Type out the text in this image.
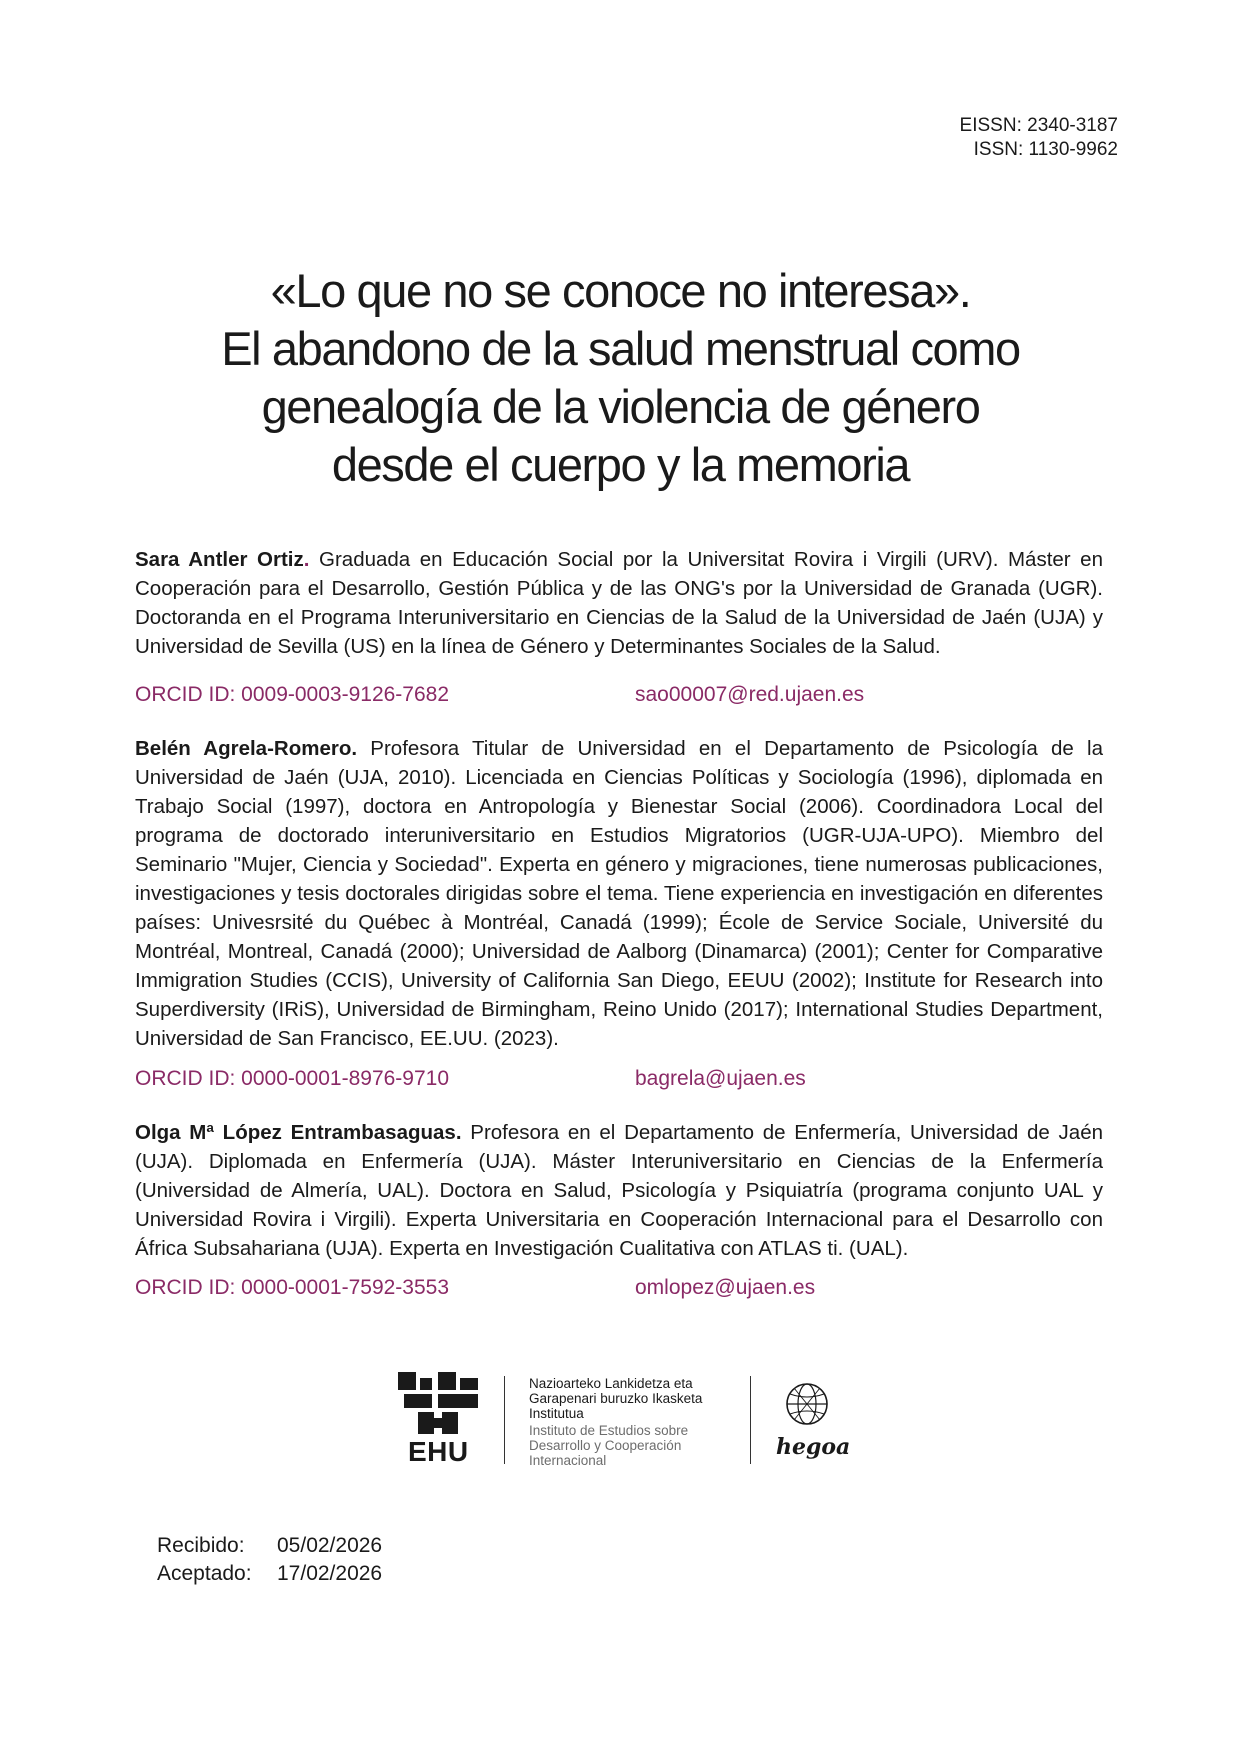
EISSN: 2340-3187
ISSN: 1130-9962
«Lo que no se conoce no interesa».
El abandono de la salud menstrual como
genealogía de la violencia de género
desde el cuerpo y la memoria

Sara Antler Ortiz. Graduada en Educación Social por la Universitat Rovira i Virgili (URV). Máster en Cooperación para el Desarrollo, Gestión Pública y de las ONG's por la Universidad de Granada (UGR). Doctoranda en el Programa Interuniversitario en Ciencias de la Salud de la Universidad de Jaén (UJA) y Universidad de Sevilla (US) en la línea de Género y Determinantes Sociales de la Salud.

ORCID ID: 0009-0003-9126-7682	sao00007@red.ujaen.es

Belén Agrela-Romero. Profesora Titular de Universidad en el Departamento de Psicología de la Universidad de Jaén (UJA, 2010). Licenciada en Ciencias Políticas y Sociología (1996), diplomada en Trabajo Social (1997), doctora en Antropología y Bienestar Social (2006). Coordinadora Local del programa de doctorado interuniversitario en Estudios Migratorios (UGR-UJA-UPO). Miembro del Seminario "Mujer, Ciencia y Sociedad". Experta en género y migraciones, tiene numerosas publicaciones, investigaciones y tesis doctorales dirigidas sobre el tema. Tiene experiencia en investigación en diferentes países: Univesrsité du Québec à Montréal, Canadá (1999); École de Service Sociale, Université du Montréal, Montreal, Canadá (2000); Universidad de Aalborg (Dinamarca) (2001); Center for Comparative Immigration Studies (CCIS), University of California San Diego, EEUU (2002); Institute for Research into Superdiversity (IRiS), Universidad de Birmingham, Reino Unido (2017); International Studies Department, Universidad de San Francisco, EE.UU. (2023).

ORCID ID: 0000-0001-8976-9710	bagrela@ujaen.es

Olga Mª López Entrambasaguas. Profesora en el Departamento de Enfermería, Universidad de Jaén (UJA). Diplomada en Enfermería (UJA). Máster Interuniversitario en Ciencias de la Enfermería (Universidad de Almería, UAL). Doctora en Salud, Psicología y Psiquiatría (programa conjunto UAL y Universidad Rovira i Virgili). Experta Universitaria en Cooperación Internacional para el Desarrollo con África Subsahariana (UJA). Experta en Investigación Cualitativa con ATLAS ti. (UAL).

ORCID ID: 0000-0001-7592-3553	omlopez@ujaen.es
EHU
Nazioarteko Lankidetza eta
Garapenari buruzko Ikasketa
Institutua
Instituto de Estudios sobre
Desarrollo y Cooperación
Internacional
hegoa
Recibido: 05/02/2026
Aceptado: 17/02/2026
